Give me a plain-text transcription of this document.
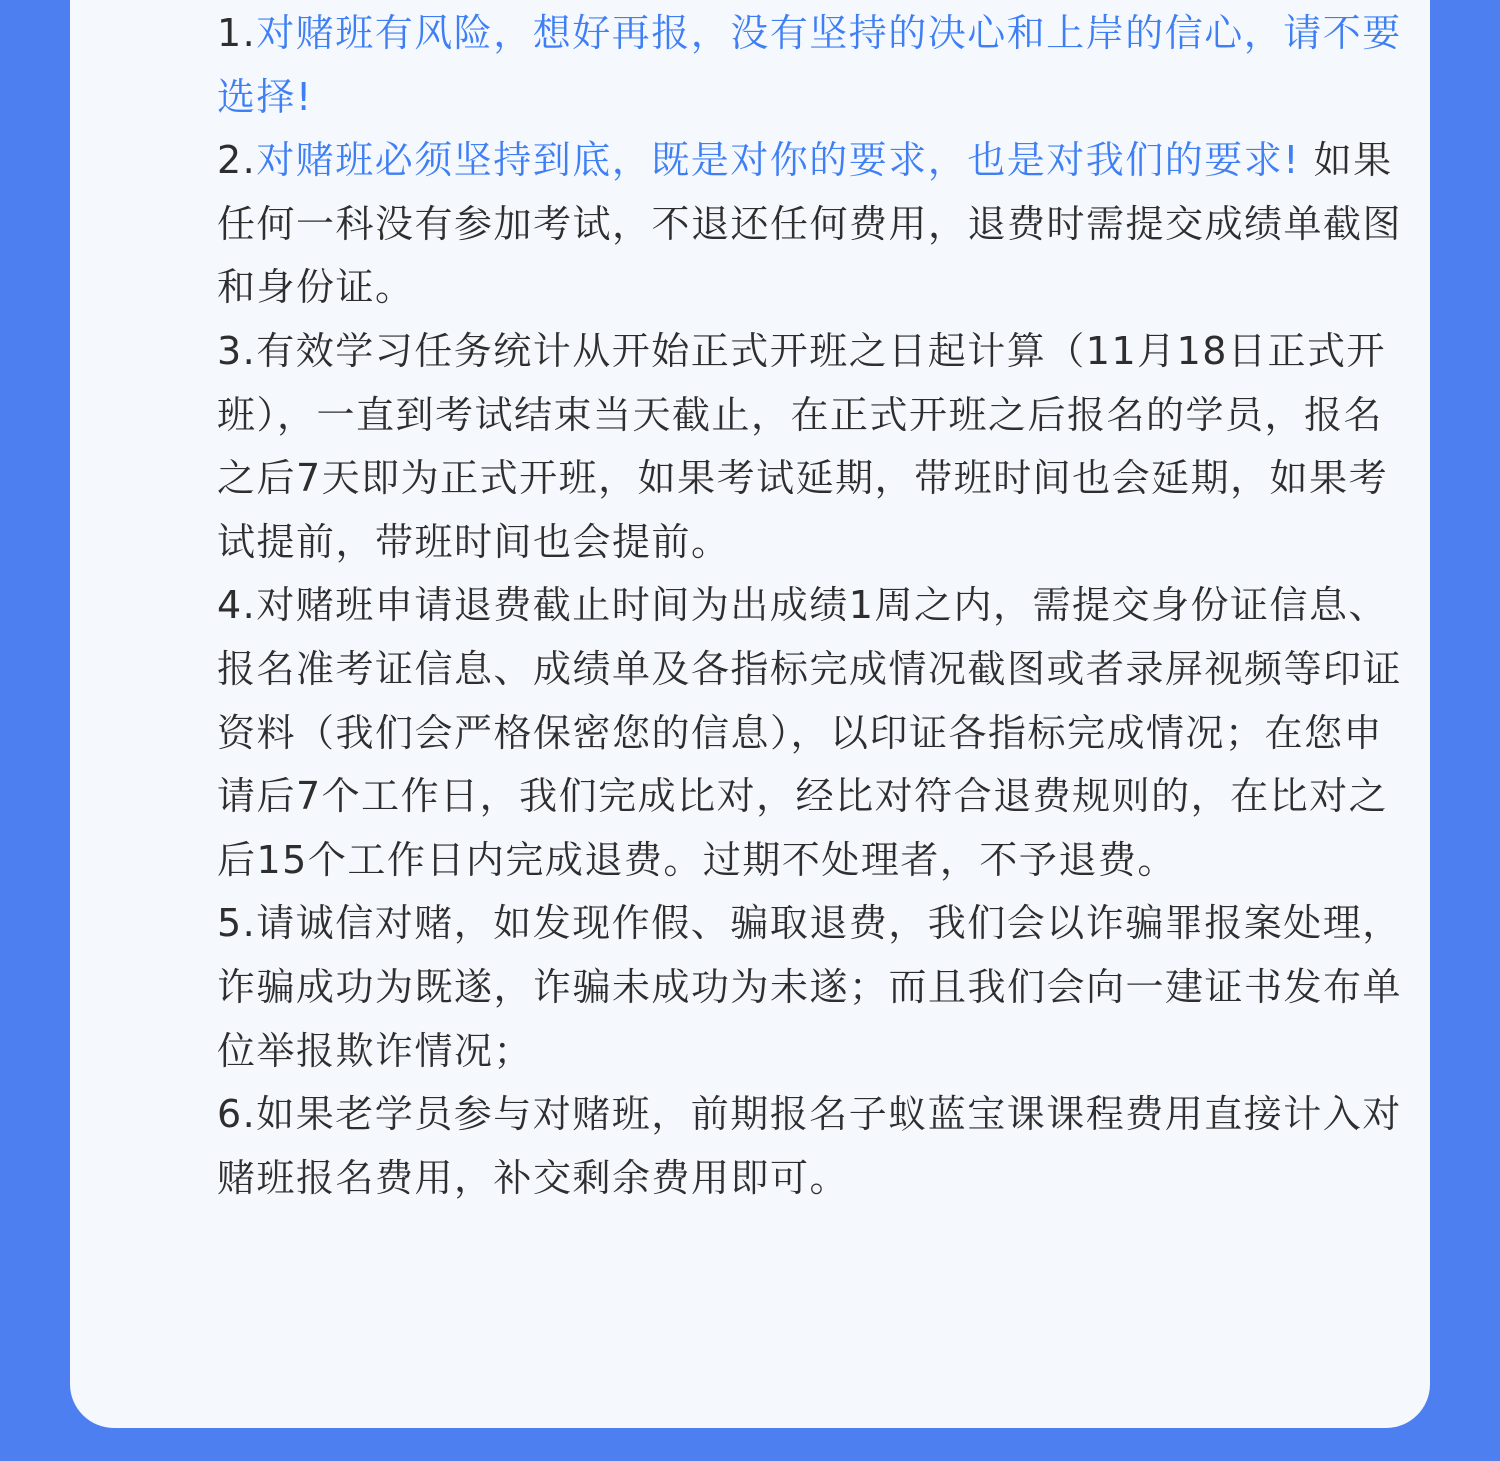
1.对赌班有风险，想好再报，没有坚持的决心和上岸的信心，请不要选择!

2.对赌班必须坚持到底，既是对你的要求，也是对我们的要求! 如果任何一科没有参加考试，不退还任何费用，退费时需提交成绩单截图和身份证。

3.有效学习任务统计从开始正式开班之日起计算（11月18日正式开班），一直到考试结束当天截止，在正式开班之后报名的学员，报名之后7天即为正式开班，如果考试延期，带班时间也会延期，如果考试提前，带班时间也会提前。

4.对赌班申请退费截止时间为出成绩1周之内，需提交身份证信息、报名准考证信息、成绩单及各指标完成情况截图或者录屏视频等印证资料（我们会严格保密您的信息），以印证各指标完成情况；在您申请后7个工作日，我们完成比对，经比对符合退费规则的，在比对之后15个工作日内完成退费。过期不处理者，不予退费。

5.请诚信对赌，如发现作假、骗取退费，我们会以诈骗罪报案处理，诈骗成功为既遂，诈骗未成功为未遂；而且我们会向一建证书发布单位举报欺诈情况；

6.如果老学员参与对赌班，前期报名子蚁蓝宝课课程费用直接计入对赌班报名费用，补交剩余费用即可。
